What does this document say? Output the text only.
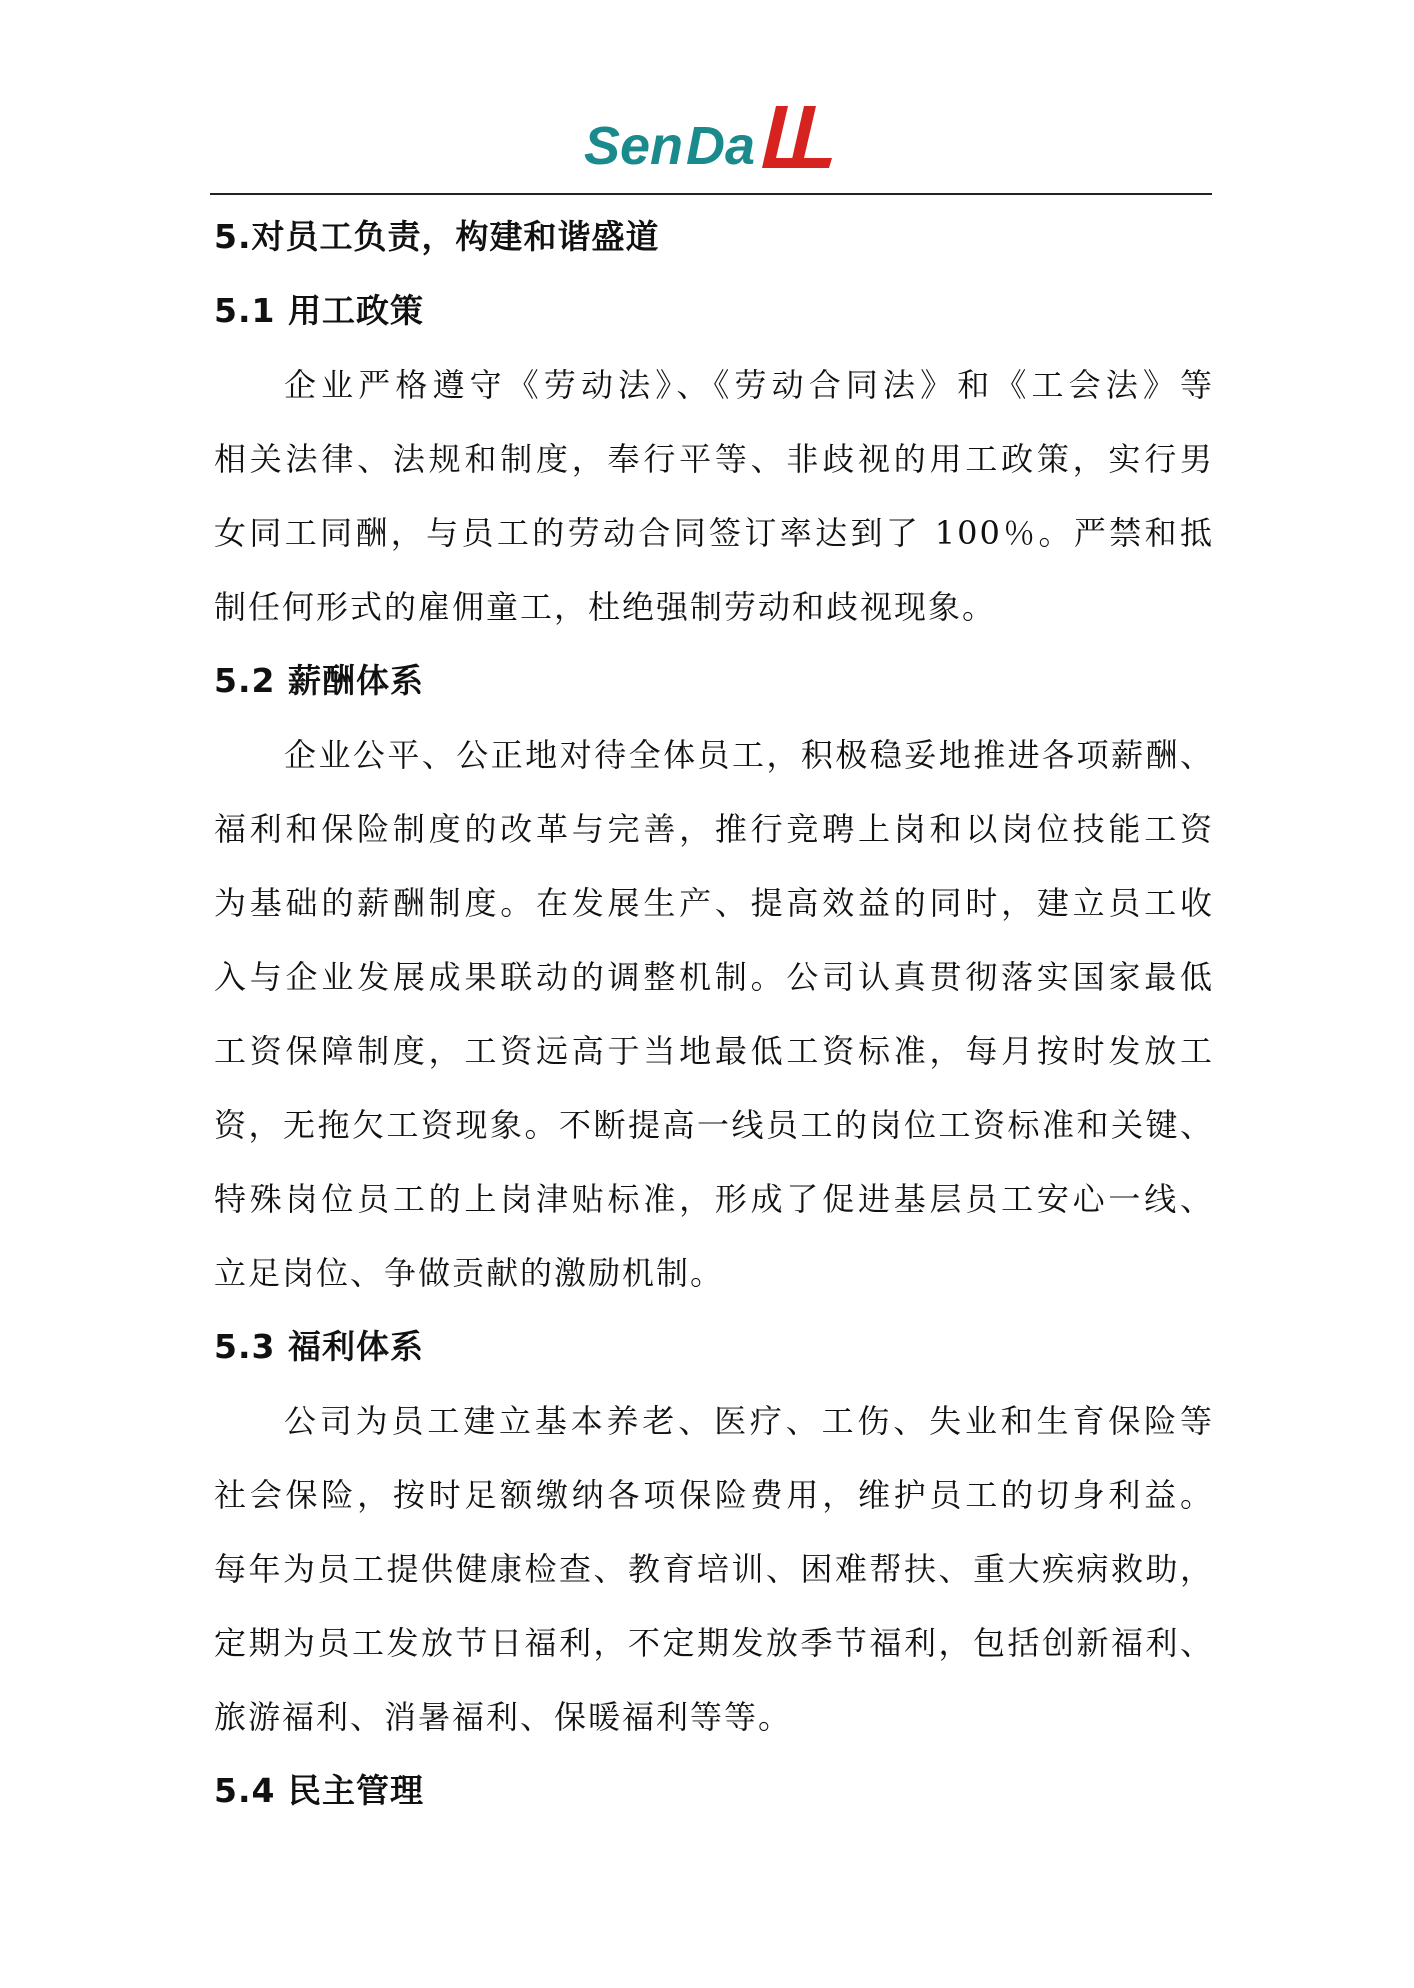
Sen Da
5.对员工负责，构建和谐盛道
5.1 用工政策
企业严格遵守《劳动法》、《劳动合同法》和《工会法》等
相关法律、法规和制度，奉行平等、非歧视的用工政策，实行男
女同工同酬，与员工的劳动合同签订率达到了 100％。严禁和抵
制任何形式的雇佣童工，杜绝强制劳动和歧视现象。
5.2 薪酬体系
企业公平、公正地对待全体员工，积极稳妥地推进各项薪酬、
福利和保险制度的改革与完善，推行竞聘上岗和以岗位技能工资
为基础的薪酬制度。在发展生产、提高效益的同时，建立员工收
入与企业发展成果联动的调整机制。公司认真贯彻落实国家最低
工资保障制度，工资远高于当地最低工资标准，每月按时发放工
资，无拖欠工资现象。不断提高一线员工的岗位工资标准和关键、
特殊岗位员工的上岗津贴标准，形成了促进基层员工安心一线、
立足岗位、争做贡献的激励机制。
5.3 福利体系
公司为员工建立基本养老、医疗、工伤、失业和生育保险等
社会保险，按时足额缴纳各项保险费用，维护员工的切身利益。
每年为员工提供健康检查、教育培训、困难帮扶、重大疾病救助，
定期为员工发放节日福利，不定期发放季节福利，包括创新福利、
旅游福利、消暑福利、保暖福利等等。
5.4 民主管理
